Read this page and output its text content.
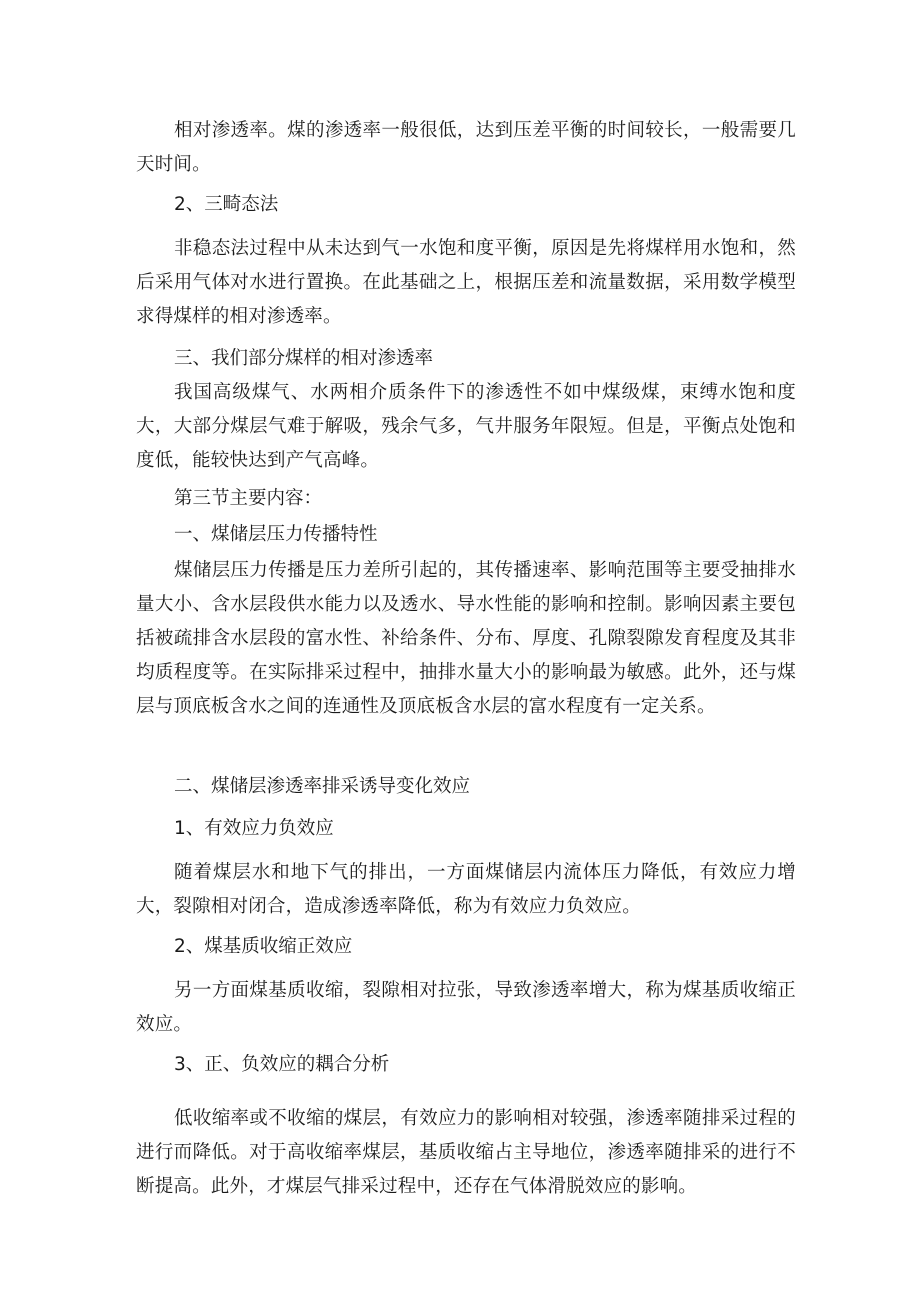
相对渗透率。煤的渗透率一般很低，达到压差平衡的时间较长，一般需要几天时间。

2、三畸态法

非稳态法过程中从未达到气一水饱和度平衡，原因是先将煤样用水饱和，然后采用气体对水进行置换。在此基础之上，根据压差和流量数据，采用数学模型求得煤样的相对渗透率。

三、我们部分煤样的相对渗透率

我国高级煤气、水两相介质条件下的渗透性不如中煤级煤，束缚水饱和度大，大部分煤层气难于解吸，残余气多，气井服务年限短。但是，平衡点处饱和度低，能较快达到产气高峰。

第三节主要内容：

一、煤储层压力传播特性

煤储层压力传播是压力差所引起的，其传播速率、影响范围等主要受抽排水量大小、含水层段供水能力以及透水、导水性能的影响和控制。影响因素主要包括被疏排含水层段的富水性、补给条件、分布、厚度、孔隙裂隙发育程度及其非均质程度等。在实际排采过程中，抽排水量大小的影响最为敏感。此外，还与煤层与顶底板含水之间的连通性及顶底板含水层的富水程度有一定关系。

二、煤储层渗透率排采诱导变化效应

1、有效应力负效应

随着煤层水和地下气的排出，一方面煤储层内流体压力降低，有效应力增大，裂隙相对闭合，造成渗透率降低，称为有效应力负效应。

2、煤基质收缩正效应

另一方面煤基质收缩，裂隙相对拉张，导致渗透率增大，称为煤基质收缩正效应。

3、正、负效应的耦合分析

低收缩率或不收缩的煤层，有效应力的影响相对较强，渗透率随排采过程的进行而降低。对于高收缩率煤层，基质收缩占主导地位，渗透率随排采的进行不断提高。此外，才煤层气排采过程中，还存在气体滑脱效应的影响。
